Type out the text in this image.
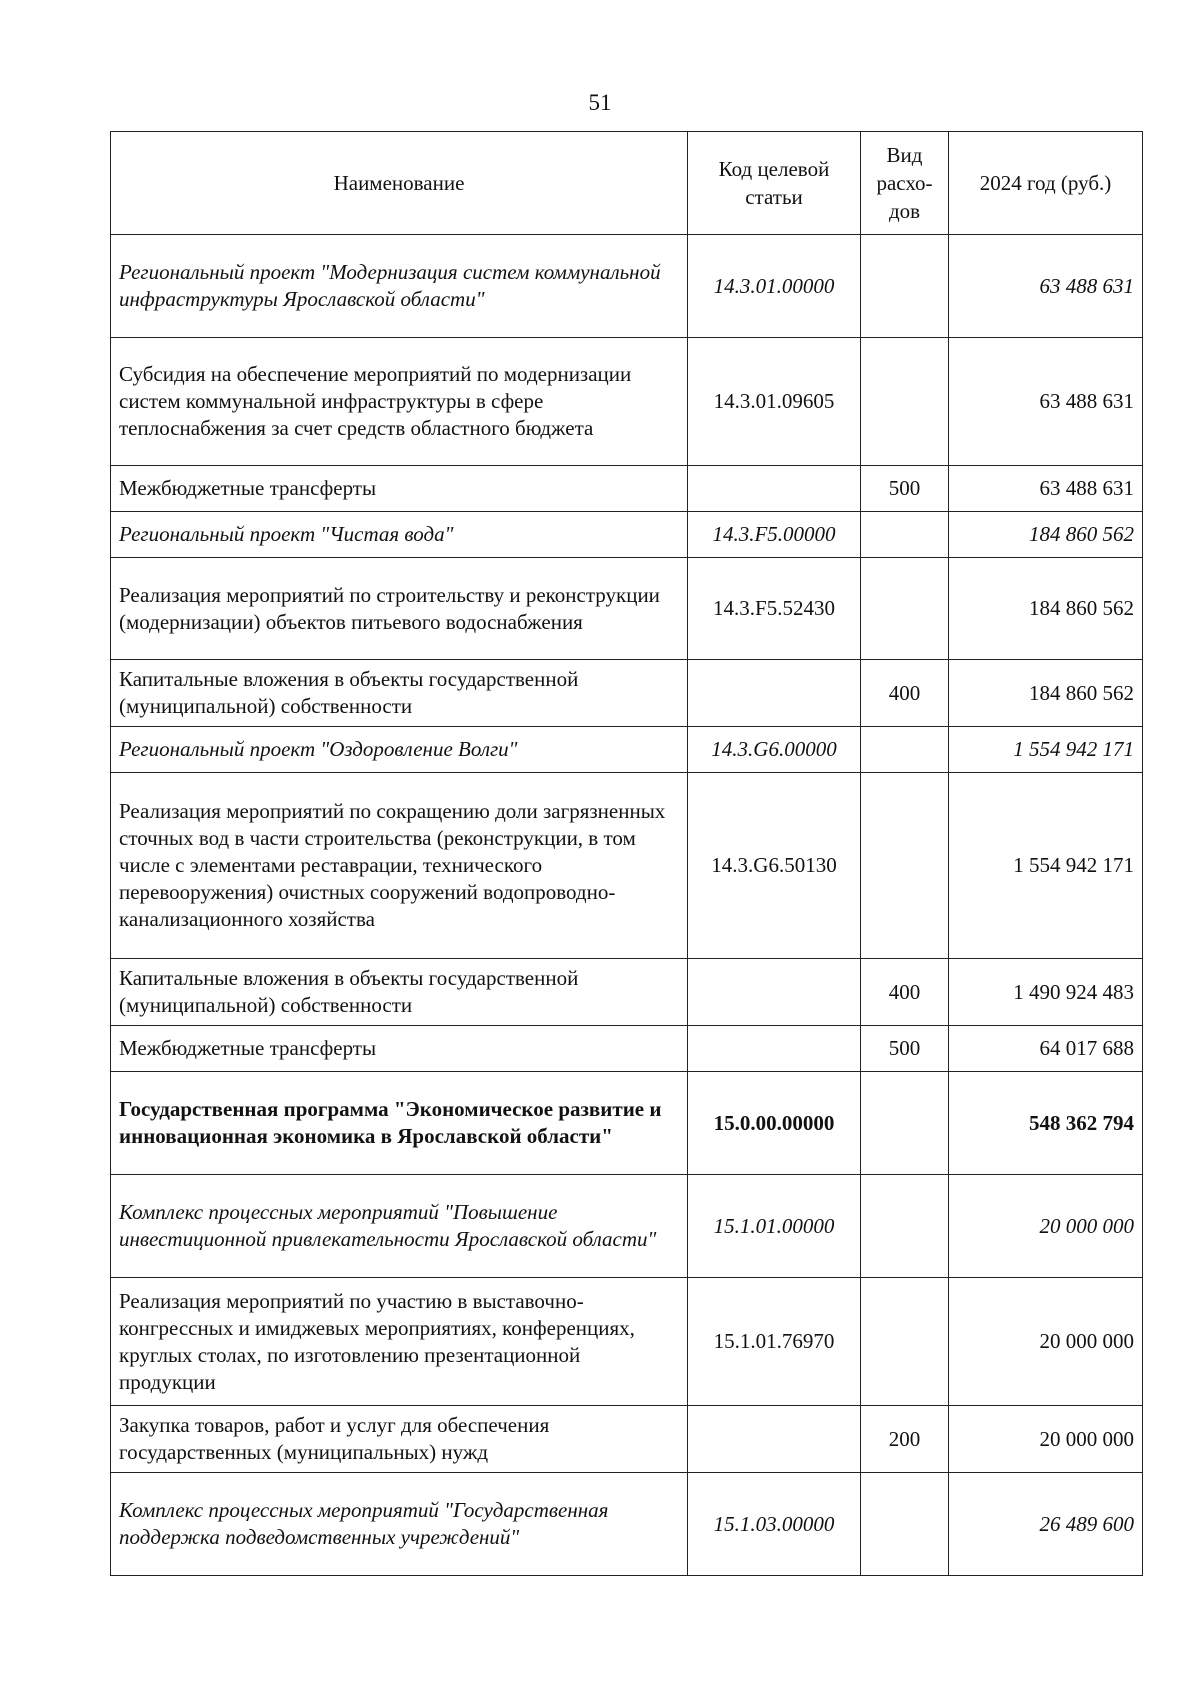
51
Наименование	Код целевой статьи	Вид расхо-дов	2024 год (руб.)
Региональный проект "Модернизация систем коммунальной инфраструктуры Ярославской области"	14.3.01.00000		63 488 631
Субсидия на обеспечение мероприятий по модернизации систем коммунальной инфраструктуры в сфере теплоснабжения за счет средств областного бюджета	14.3.01.09605		63 488 631
Межбюджетные трансферты		500	63 488 631
Региональный проект "Чистая вода"	14.3.F5.00000		184 860 562
Реализация мероприятий по строительству и реконструкции (модернизации) объектов питьевого водоснабжения	14.3.F5.52430		184 860 562
Капитальные вложения в объекты государственной (муниципальной) собственности		400	184 860 562
Региональный проект "Оздоровление Волги"	14.3.G6.00000		1 554 942 171
Реализация мероприятий по сокращению доли загрязненных сточных вод в части строительства (реконструкции, в том числе с элементами реставрации, технического перевооружения) очистных сооружений водопроводно-канализационного хозяйства	14.3.G6.50130		1 554 942 171
Капитальные вложения в объекты государственной (муниципальной) собственности		400	1 490 924 483
Межбюджетные трансферты		500	64 017 688
Государственная программа "Экономическое развитие и инновационная экономика в Ярославской области"	15.0.00.00000		548 362 794
Комплекс процессных мероприятий "Повышение инвестиционной привлекательности Ярославской области"	15.1.01.00000		20 000 000
Реализация мероприятий по участию в выставочно-конгрессных и имиджевых мероприятиях, конференциях, круглых столах, по изготовлению презентационной продукции	15.1.01.76970		20 000 000
Закупка товаров, работ и услуг для обеспечения государственных (муниципальных) нужд		200	20 000 000
Комплекс процессных мероприятий "Государственная поддержка подведомственных учреждений"	15.1.03.00000		26 489 600
